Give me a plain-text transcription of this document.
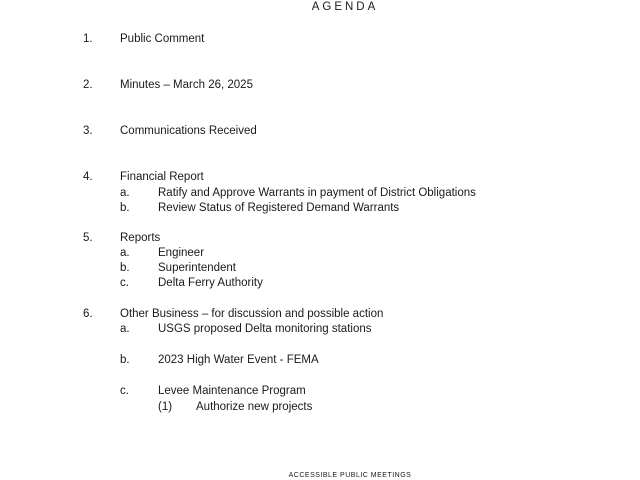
AGENDA
1. Public Comment
2. Minutes – March 26, 2025
3. Communications Received
4. Financial Report
a. Ratify and Approve Warrants in payment of District Obligations
b. Review Status of Registered Demand Warrants
5. Reports
a. Engineer
b. Superintendent
c.	Delta Ferry Authority
6. Other Business – for discussion and possible action
a. USGS proposed Delta monitoring stations
b. 2023 High Water Event - FEMA
c.	Levee Maintenance Program
(1) Authorize new projects
ACCESSIBLE PUBLIC MEETINGS
